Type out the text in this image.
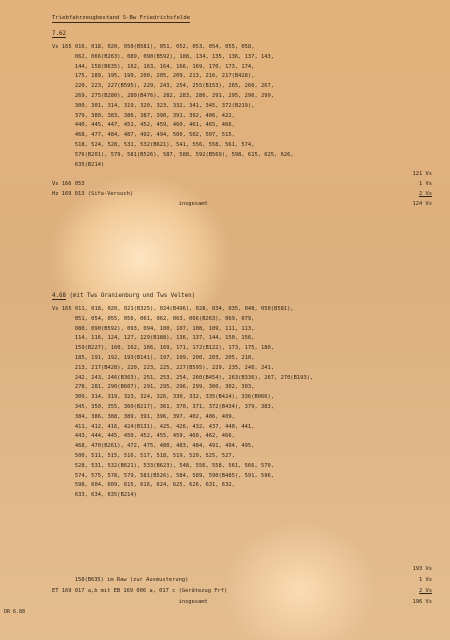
Triebfahrzeugbestand S-Bw Friedrichsfelde
7.62
Vs 165 016, 018, 020, 050(B581), 051, 052, 053, 054, 055, 058,
062, 066(B263), 089, 090(B592), 108, 134, 135, 136, 137, 143,
144, 158(B635), 162, 163, 164, 166, 169, 170, 173, 174,
175, 189, 195, 199, 200, 205, 209, 213, 216, 217(B428),
220, 223, 227(B595), 229, 243, 254, 255(B153), 265, 266, 267,
269, 275(B280), 280(B476), 282, 283, 286, 291, 295, 296, 299,
300, 301, 314, 319, 320, 323, 332, 341, 345, 372(B219),
379, 380, 383, 386, 387, 390, 391, 392, 406, 422,
440, 445, 447, 451, 452, 459, 460, 461, 465, 466,
468, 477, 484, 487, 492, 494, 500, 502, 507, 515,
518, 524, 528, 531, 532(B621), 541, 556, 558, 561, 574,
576(B201), 579, 581(B526), 587, 588, 592(B569), 598, 615, 625, 626,
635(B214)
121 Vs
Vs 166 053	1 Vs
Hz 169 013 (Sifa-Versuch)	2 Vs
insgesamt	124 Vs
4.68 (mit Tws Oranienburg und Tws Velten)
Vs 165 011, 018, 020, 021(B325), 024(B496), 028, 034, 035, 048, 050(B581),
051, 054, 055, 056, 061, 062, 063, 066(B263), 069, 079,
080, 090(B592), 093, 094, 100, 107, 108, 109, 111, 113,
114, 116, 124, 127, 129(B188), 136, 137, 144, 150, 156,
159(B227), 160, 162, 166, 169, 171, 172(B122), 173, 175, 180,
185, 191, 192, 193(B141), 197, 199, 200, 203, 205, 210,
213, 217(B428), 220, 223, 225, 227(B595), 229, 235, 240, 241,
242, 243, 246(B363), 251, 253, 254, 260(B454), 263(B336), 267, 270(B193),
278, 281, 290(B607), 291, 295, 296, 299, 300, 302, 303,
309, 314, 319, 323, 324, 326, 330, 332, 335(B424), 336(B066),
345, 350, 355, 360(B217), 361, 370, 371, 372(B434), 379, 383,
384, 386, 388, 389, 391, 396, 397, 402, 406, 409,
411, 412, 416, 424(B131), 425, 426, 432, 437, 440, 441,
443, 444, 445, 450, 452, 455, 459, 460, 462, 466,
468, 470(B261), 472, 475, 480, 483, 484, 491, 494, 495,
500, 511, 515, 516, 517, 518, 519, 520, 525, 527,
528, 531, 532(B621), 533(B623), 548, 556, 558, 561, 566, 570,
574, 575, 578, 579, 581(B526), 584, 589, 590(B485), 591, 596,
598, 604, 609, 615, 616, 624, 625, 626, 631, 632,
633, 634, 635(B214)
193 Vs
158(B635) im Raw (zur Ausmusterung)	1 Vs
ET 169 017 a,b mit EB 169 006 a, 017 c (Gerätezug Frf)	2 Vs
insgesamt	196 Vs
DR 6.88
